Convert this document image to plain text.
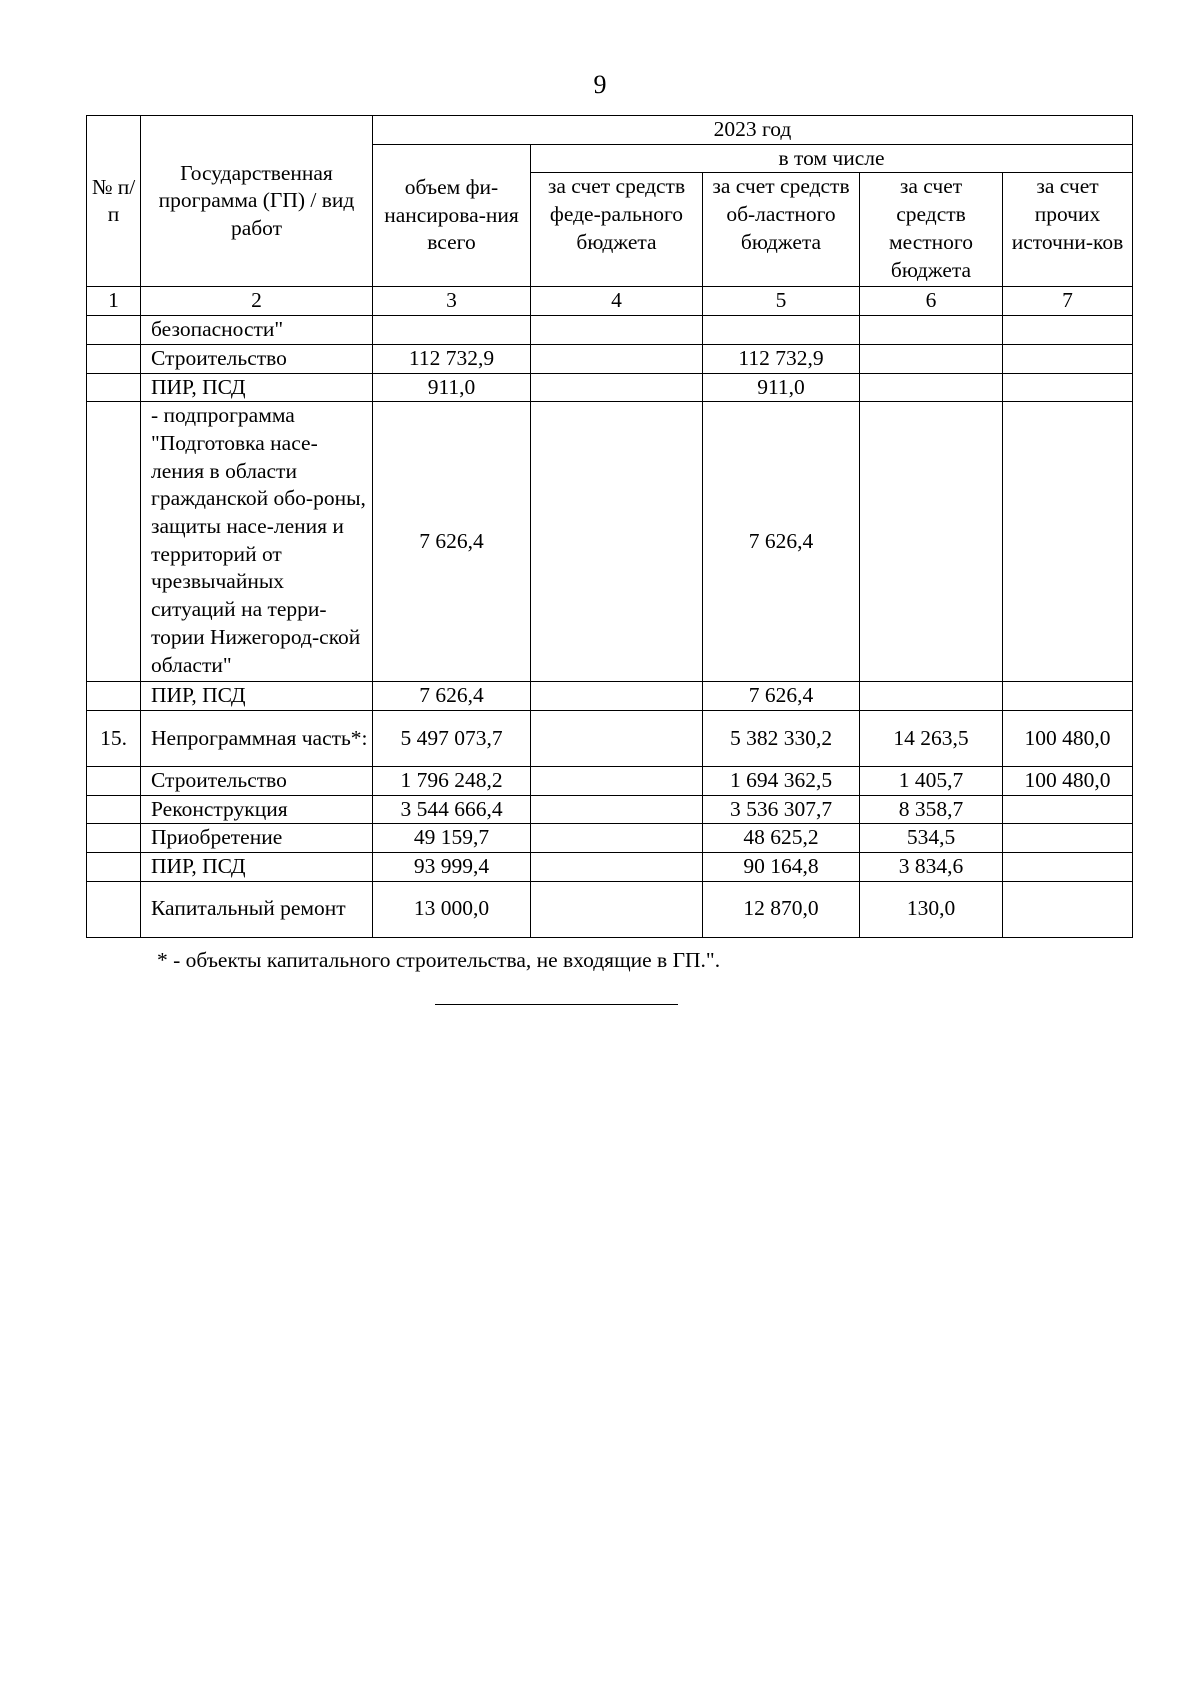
9
№ п/ п	Государственная программа (ГП) / вид работ	2023 год				
		объем фи-нансирова-ния всего	в том числе			
			за счет средств феде-рального бюджета	за счет средств об-ластного бюджета	за счет средств местного бюджета	за счет прочих источни-ков
1	2	3	4	5	6	7
	безопасности"					
	Строительство	112 732,9		112 732,9		
	ПИР, ПСД	911,0		911,0		
	- подпрограмма "Подготовка насе-ления в области гражданской обо-роны, защиты насе-ления и территорий от чрезвычайных ситуаций на терри-тории Нижегород-ской области"	7 626,4		7 626,4		
	ПИР, ПСД	7 626,4		7 626,4		
15.	Непрограммная часть*:	5 497 073,7		5 382 330,2	14 263,5	100 480,0
	Строительство	1 796 248,2		1 694 362,5	1 405,7	100 480,0
	Реконструкция	3 544 666,4		3 536 307,7	8 358,7	
	Приобретение	49 159,7		48 625,2	534,5	
	ПИР, ПСД	93 999,4		90 164,8	3 834,6	
	Капитальный ремонт	13 000,0		12 870,0	130,0	
* - объекты капитального строительства, не входящие в ГП.".
